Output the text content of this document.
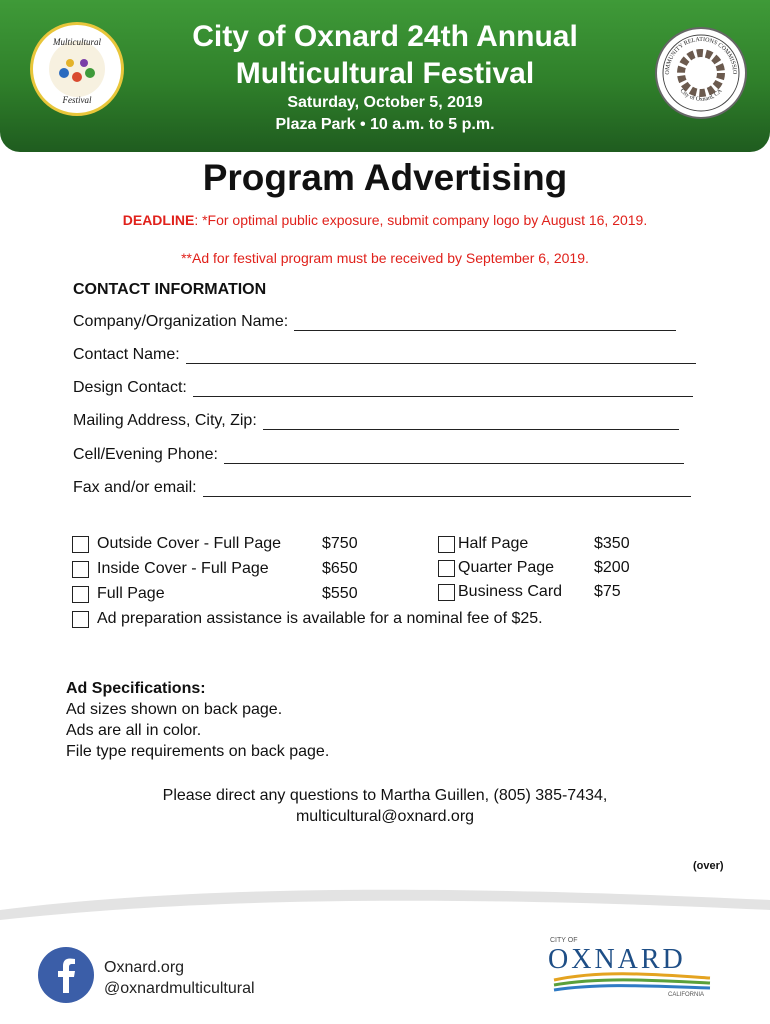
Multicultural
Festival
City of Oxnard 24th Annual
Multicultural Festival
Saturday, October 5, 2019
Plaza Park • 10 a.m. to 5 p.m.
OMMUNITY RELATIONS COMMISSIO
City of Oxnard, CA
Program Advertising
DEADLINE: *For optimal public exposure, submit company logo by August 16, 2019.
**Ad for festival program must be received by September 6, 2019.
CONTACT INFORMATION
Company/Organization Name:
Contact Name:
Design Contact:
Mailing Address, City, Zip:
Cell/Evening Phone:
Fax and/or email:
Outside Cover - Full Page	$750
Inside Cover - Full Page	$650
Full Page	$550
Half Page	$350
Quarter Page $200
Business Card $75
Ad preparation assistance is available for a nominal fee of $25.
Ad Specifications:
Ad sizes shown on back page.
Ads are all in color.
File type requirements on back page.
Please direct any questions to Martha Guillen, (805) 385-7434,
multicultural@oxnard.org
(over)
Oxnard.org
@oxnardmulticultural
CITY OF
OXNARD
CALIFORNIA
